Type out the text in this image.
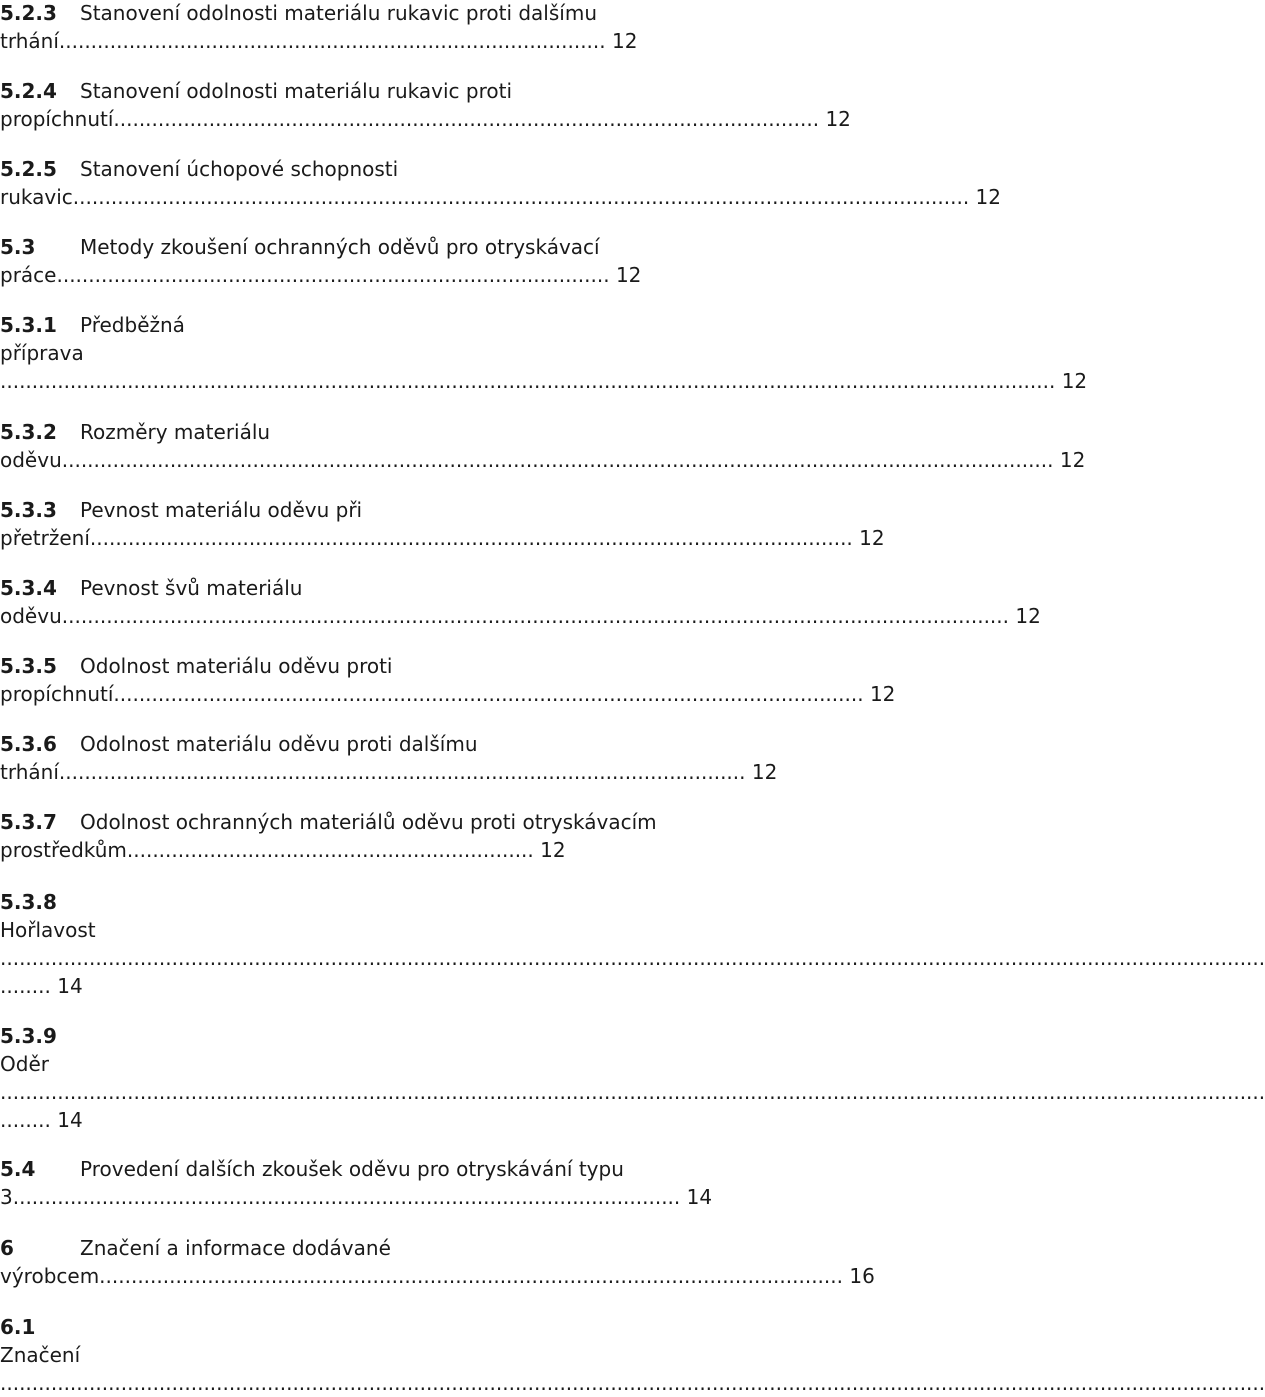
5.2.3 Stanovení odolnosti materiálu rukavic proti dalšímu
trhání...................................................................................... 12
5.2.4 Stanovení odolnosti materiálu rukavic proti
propíchnutí............................................................................................................... 12
5.2.5 Stanovení úchopové schopnosti
rukavic............................................................................................................................................. 12
5.3 Metody zkoušení ochranných oděvů pro otryskávací
práce....................................................................................... 12
5.3.1 Předběžná
příprava
...................................................................................................................................................................... 12
5.3.2 Rozměry materiálu
oděvu............................................................................................................................................................ 12
5.3.3 Pevnost materiálu oděvu při
přetržení........................................................................................................................ 12
5.3.4 Pevnost švů materiálu
oděvu..................................................................................................................................................... 12
5.3.5 Odolnost materiálu oděvu proti
propíchnutí...................................................................................................................... 12
5.3.6 Odolnost materiálu oděvu proti dalšímu
trhání............................................................................................................ 12
5.3.7 Odolnost ochranných materiálů oděvu proti otryskávacím
prostředkům................................................................ 12
5.3.8
Hořlavost
.......................................................................................................................................................................................................
........ 14
5.3.9
Oděr
.......................................................................................................................................................................................................
........ 14
5.4 Provedení dalších zkoušek oděvu pro otryskávání typu
3......................................................................................................... 14
6	Značení a informace dodávané
výrobcem..................................................................................................................... 16
6.1
Značení
.......................................................................................................................................................................................................
